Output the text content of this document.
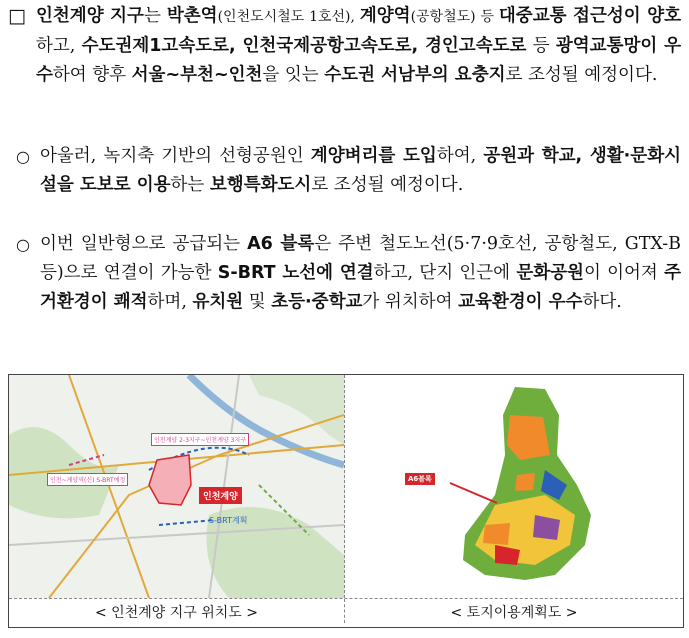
□ 인천계양 지구는 박촌역(인천도시철도 1호선), 계양역(공항철도) 등 대중교통 접근성이 양호하고, 수도권제1고속도로, 인천국제공항고속도로, 경인고속도로 등 광역교통망이 우수하여 향후 서울~부천~인천을 잇는 수도권 서남부의 요충지로 조성될 예정이다.
○ 아울러, 녹지축 기반의 선형공원인 계양벼리를 도입하여, 공원과 학교, 생활·문화시설을 도보로 이용하는 보행특화도시로 조성될 예정이다.
○ 이번 일반형으로 공급되는 A6 블록은 주변 철도노선(5·7·9호선, 공항철도, GTX-B 등)으로 연결이 가능한 S-BRT 노선에 연결하고, 단지 인근에 문화공원이 이어져 주거환경이 쾌적하며, 유치원 및 초등·중학교가 위치하여 교육환경이 우수하다.
인천계양
인천계양 2-3지구~인천계양 3지구
인천~계양역(신) S-BRT예정
S-BRT계획
A6블록
< 인천계양 지구 위치도 >	< 토지이용계획도 >
